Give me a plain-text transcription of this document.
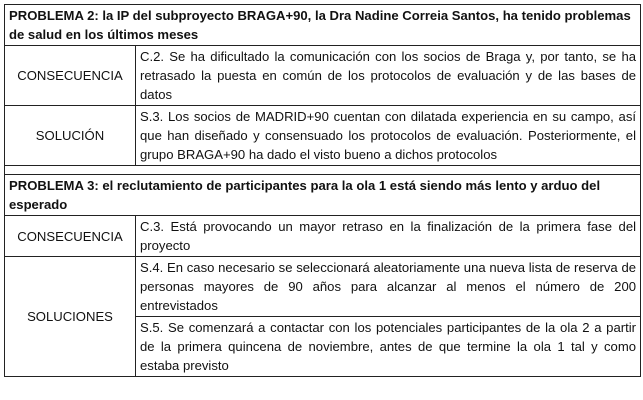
PROBLEMA 2: la IP del subproyecto BRAGA+90, la Dra Nadine Correia Santos, ha tenido problemas de salud en los últimos meses	
CONSECUENCIA	C.2. Se ha dificultado la comunicación con los socios de Braga y, por tanto, se ha retrasado la puesta en común de los protocolos de evaluación y de las bases de datos
SOLUCIÓN	S.3. Los socios de MADRID+90 cuentan con dilatada experiencia en su campo, así que han diseñado y consensuado los protocolos de evaluación. Posteriormente, el grupo BRAGA+90 ha dado el visto bueno a dichos protocolos

PROBLEMA 3: el reclutamiento de participantes para la ola 1 está siendo más lento y arduo del esperado	
CONSECUENCIA	C.3. Está provocando un mayor retraso en la finalización de la primera fase del proyecto
SOLUCIONES	S.4. En caso necesario se seleccionará aleatoriamente una nueva lista de reserva de personas mayores de 90 años para alcanzar al menos el número de 200 entrevistados
	S.5. Se comenzará a contactar con los potenciales participantes de la ola 2 a partir de la primera quincena de noviembre, antes de que termine la ola 1 tal y como estaba previsto
